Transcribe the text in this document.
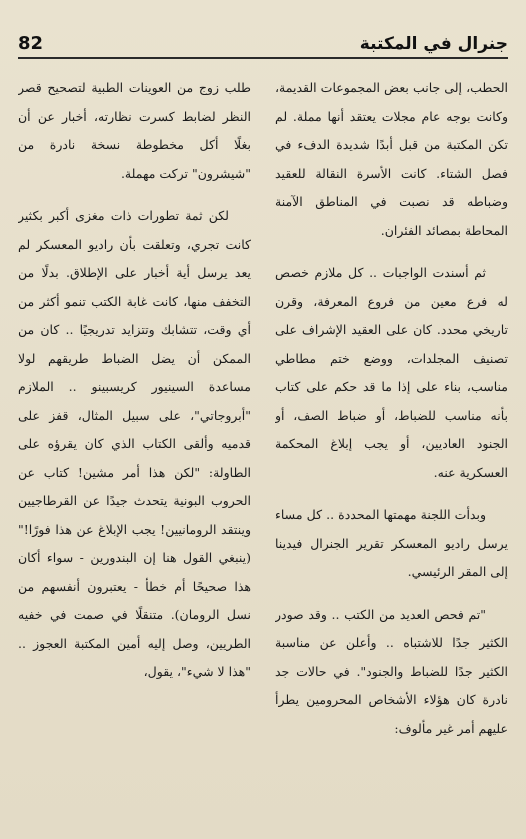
82	جنرال في المكتبة

الحطب، إلى جانب بعض المجموعات القديمة، وكانت بوجه عام مجلات يعتقد أنها مملة. لم تكن المكتبة من قبل أبدًا شديدة الدفء في فصل الشتاء. كانت الأسرة النقالة للعقيد وضباطه قد نصبت في المناطق الآمنة المحاطة بمصائد الفئران.

ثم أسندت الواجبات .. كل ملازم خصص له فرع معين من فروع المعرفة، وقرن تاريخي محدد. كان على العقيد الإشراف على تصنيف المجلدات، ووضع ختم مطاطي مناسب، بناء على إذا ما قد حكم على كتاب بأنه مناسب للضباط، أو ضباط الصف، أو الجنود العاديين، أو يجب إبلاغ المحكمة العسكرية عنه.

وبدأت اللجنة مهمتها المحددة .. كل مساء يرسل راديو المعسكر تقرير الجنرال فيدينا إلى المقر الرئيسي.

"تم فحص العديد من الكتب .. وقد صودر الكثير جدًا للاشتباه .. وأعلن عن مناسبة الكثير جدًا للضباط والجنود". في حالات جد نادرة كان هؤلاء الأشخاص المحرومين يطرأ عليهم أمر غير مألوف:

طلب زوج من العوينات الطبية لتصحيح قصر النظر لضابط كسرت نظارته، أخبار عن أن بغلًا أكل مخطوطة نسخة نادرة من "شيشرون" تركت مهملة.

لكن ثمة تطورات ذات مغزى أكبر بكثير كانت تجري، وتعلقت بأن راديو المعسكر لم يعد يرسل أية أخبار على الإطلاق. بدلًا من التخفف منها، كانت غابة الكتب تنمو أكثر من أي وقت، تتشابك وتتزايد تدريجيًا .. كان من الممكن أن يضل الضباط طريقهم لولا مساعدة السينيور كريسبينو .. الملازم "أبروجاتي"، على سبيل المثال، قفز على قدميه وألقى الكتاب الذي كان يقرؤه على الطاولة: "لكن هذا أمر مشين! كتاب عن الحروب البونية يتحدث جيدًا عن القرطاجيين وينتقد الرومانيين! يجب الإبلاغ عن هذا فورًا!" (ينبغي القول هنا إن البندورين - سواء أكان هذا صحيحًا أم خطأ - يعتبرون أنفسهم من نسل الرومان). متنقلًا في صمت في خفيه الطريين، وصل إليه أمين المكتبة العجوز .. "هذا لا شيء"، يقول،
